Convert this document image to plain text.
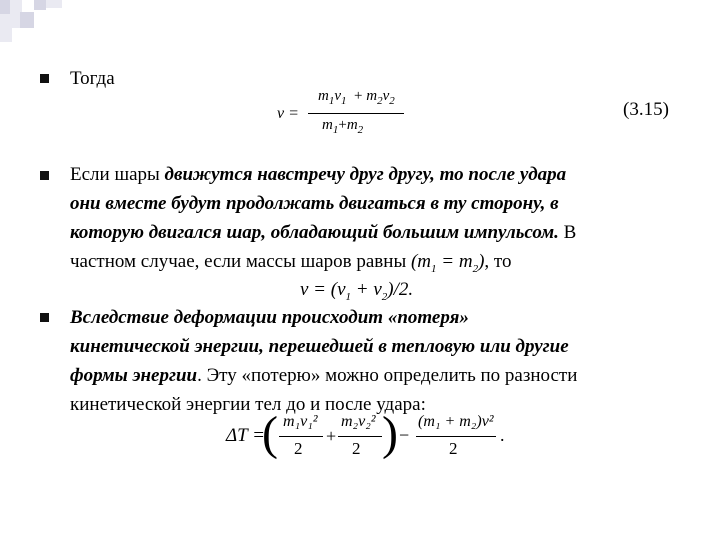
Тогда
v =
$m_1v_1 + m_2v_2$
$m_1+m_2$
(3.15)
Если шары движутся навстречу друг другу, то после удара
они вместе будут продолжать двигаться в ту сторону, в
которую двигался шар, обладающий большим импульсом. В
частном случае, если массы шаров равны $(m_1 = m_2)$, то
$v = (v_1 + v_2)/2$.
Вследствие деформации происходит «потеря»
кинетической энергии, перешедшей в тепловую или другие
формы энергии. Эту «потерю» можно определить по разности
кинетической энергии тел до и после удара:
ΔT =
( m₁v₁²
2
+
m₂v₂²
2 ) −
(m₁ + m₂)v²
2
.
